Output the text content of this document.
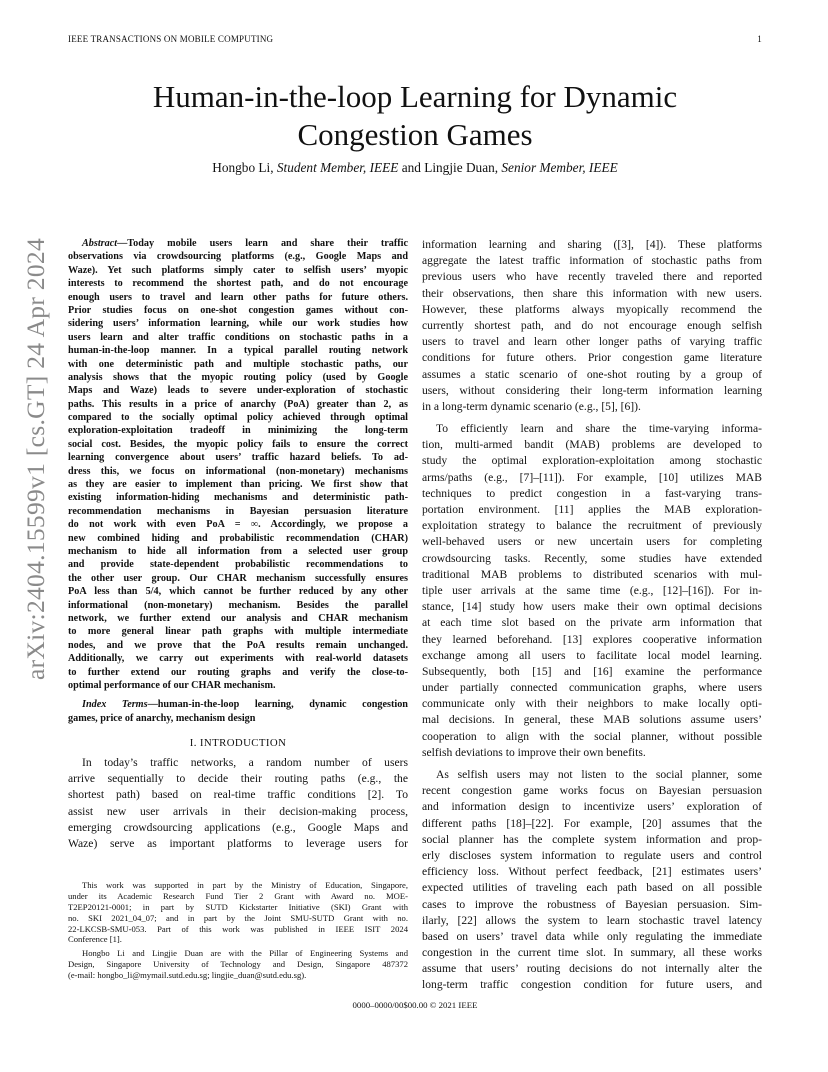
IEEE TRANSACTIONS ON MOBILE COMPUTING	1
Human-in-the-loop Learning for Dynamic
Congestion Games
Hongbo Li, Student Member, IEEE and Lingjie Duan, Senior Member, IEEE
arXiv:2404.15599v1 [cs.GT] 24 Apr 2024	Abstract—Today mobile users learn and share their traffic
observations via crowdsourcing platforms (e.g., Google Maps and
Waze). Yet such platforms simply cater to selfish users’ myopic
interests to recommend the shortest path, and do not encourage
enough users to travel and learn other paths for future others.
Prior studies focus on one-shot congestion games without con-
sidering users’ information learning, while our work studies how
users learn and alter traffic conditions on stochastic paths in a
human-in-the-loop manner. In a typical parallel routing network
with one deterministic path and multiple stochastic paths, our
analysis shows that the myopic routing policy (used by Google
Maps and Waze) leads to severe under-exploration of stochastic
paths. This results in a price of anarchy (PoA) greater than 2, as
compared to the socially optimal policy achieved through optimal
exploration-exploitation tradeoff in minimizing the long-term
social cost. Besides, the myopic policy fails to ensure the correct
learning convergence about users’ traffic hazard beliefs. To ad-
dress this, we focus on informational (non-monetary) mechanisms
as they are easier to implement than pricing. We first show that
existing information-hiding mechanisms and deterministic path-
recommendation mechanisms in Bayesian persuasion literature
do not work with even PoA = ∞. Accordingly, we propose a
new combined hiding and probabilistic recommendation (CHAR)
mechanism to hide all information from a selected user group
and provide state-dependent probabilistic recommendations to
the other user group. Our CHAR mechanism successfully ensures
PoA less than 5/4, which cannot be further reduced by any other
informational (non-monetary) mechanism. Besides the parallel
network, we further extend our analysis and CHAR mechanism
to more general linear path graphs with multiple intermediate
nodes, and we prove that the PoA results remain unchanged.
Additionally, we carry out experiments with real-world datasets
to further extend our routing graphs and verify the close-to-
optimal performance of our CHAR mechanism.
Index Terms—human-in-the-loop learning, dynamic congestion
games, price of anarchy, mechanism design
I. INTRODUCTION
In today’s traffic networks, a random number of users
arrive sequentially to decide their routing paths (e.g., the
shortest path) based on real-time traffic conditions [2]. To
assist new user arrivals in their decision-making process,
emerging crowdsourcing applications (e.g., Google Maps and
Waze) serve as important platforms to leverage users for
This work was supported in part by the Ministry of Education, Singapore,
under its Academic Research Fund Tier 2 Grant with Award no. MOE-
T2EP20121-0001; in part by SUTD Kickstarter Initiative (SKI) Grant with
no. SKI 2021_04_07; and in part by the Joint SMU-SUTD Grant with no.
22-LKCSB-SMU-053. Part of this work was published in IEEE ISIT 2024
Conference [1].
Hongbo Li and Lingjie Duan are with the Pillar of Engineering Systems and
Design, Singapore University of Technology and Design, Singapore 487372
(e-mail: hongbo_li@mymail.sutd.edu.sg; lingjie_duan@sutd.edu.sg).
information learning and sharing ([3], [4]). These platforms
aggregate the latest traffic information of stochastic paths from
previous users who have recently traveled there and reported
their observations, then share this information with new users.
However, these platforms always myopically recommend the
currently shortest path, and do not encourage enough selfish
users to travel and learn other longer paths of varying traffic
conditions for future others. Prior congestion game literature
assumes a static scenario of one-shot routing by a group of
users, without considering their long-term information learning
in a long-term dynamic scenario (e.g., [5], [6]).
To efficiently learn and share the time-varying informa-
tion, multi-armed bandit (MAB) problems are developed to
study the optimal exploration-exploitation among stochastic
arms/paths (e.g., [7]–[11]). For example, [10] utilizes MAB
techniques to predict congestion in a fast-varying trans-
portation environment. [11] applies the MAB exploration-
exploitation strategy to balance the recruitment of previously
well-behaved users or new uncertain users for completing
crowdsourcing tasks. Recently, some studies have extended
traditional MAB problems to distributed scenarios with mul-
tiple user arrivals at the same time (e.g., [12]–[16]). For in-
stance, [14] study how users make their own optimal decisions
at each time slot based on the private arm information that
they learned beforehand. [13] explores cooperative information
exchange among all users to facilitate local model learning.
Subsequently, both [15] and [16] examine the performance
under partially connected communication graphs, where users
communicate only with their neighbors to make locally opti-
mal decisions. In general, these MAB solutions assume users’
cooperation to align with the social planner, without possible
selfish deviations to improve their own benefits.
As selfish users may not listen to the social planner, some
recent congestion game works focus on Bayesian persuasion
and information design to incentivize users’ exploration of
different paths [18]–[22]. For example, [20] assumes that the
social planner has the complete system information and prop-
erly discloses system information to regulate users and control
efficiency loss. Without perfect feedback, [21] estimates users’
expected utilities of traveling each path based on all possible
cases to improve the robustness of Bayesian persuasion. Sim-
ilarly, [22] allows the system to learn stochastic travel latency
based on users’ travel data while only regulating the immediate
congestion in the current time slot. In summary, all these works
assume that users’ routing decisions do not internally alter the
long-term traffic congestion condition for future users, and
0000–0000/00$00.00 © 2021 IEEE
